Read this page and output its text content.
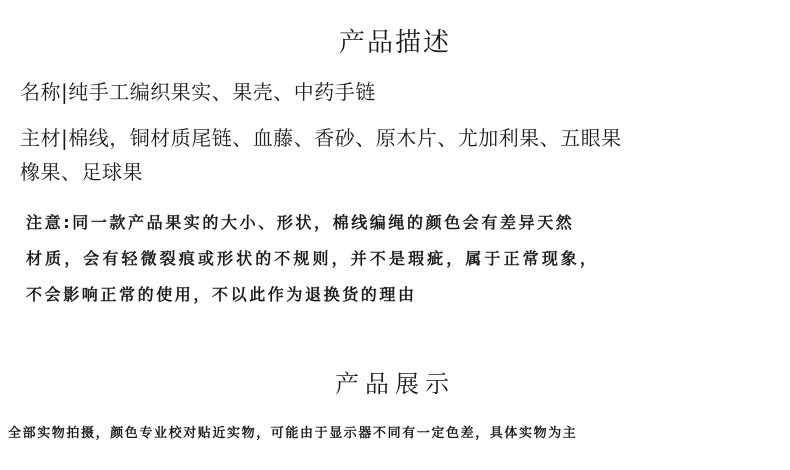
产品描述

名称|纯手工编织果实、果壳、中药手链

主材|棉线，铜材质尾链、血藤、香砂、原木片、尤加利果、五眼果

橡果、足球果

注意:同一款产品果实的大小、形状，棉线编绳的颜色会有差异天然

材质，会有轻微裂痕或形状的不规则，并不是瑕疵，属于正常现象，

不会影响正常的使用，不以此作为退换货的理由

产品展示

全部实物拍摄，颜色专业校对贴近实物，可能由于显示器不同有一定色差，具体实物为主
